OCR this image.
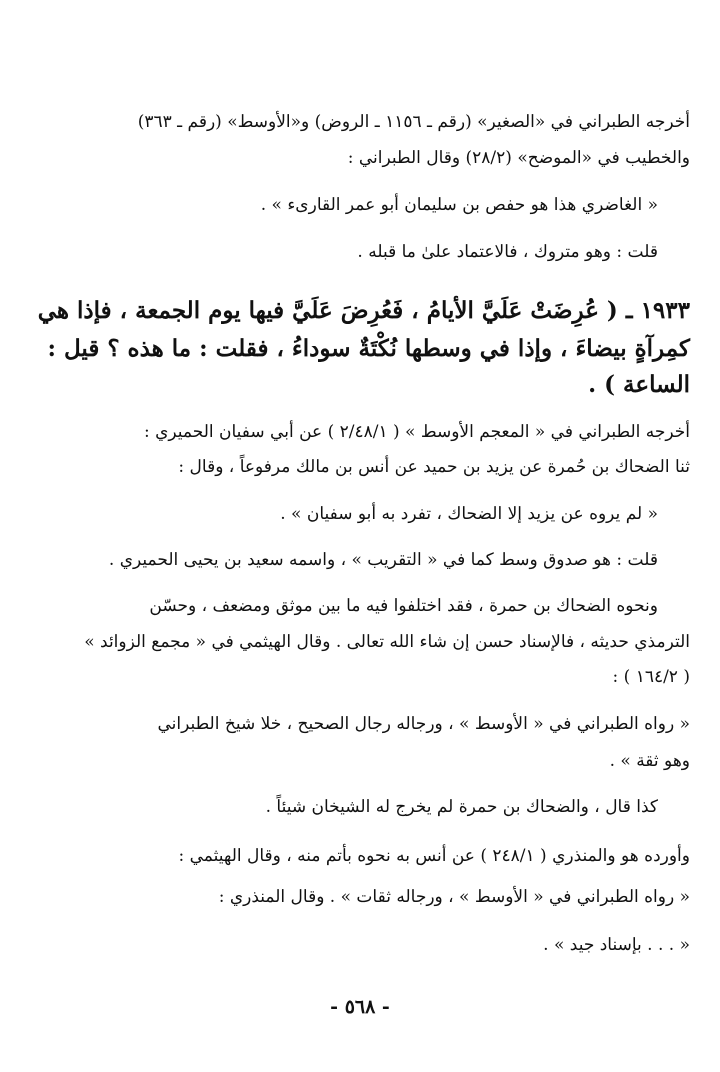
أخرجه الطبراني في «الصغير» (رقم ـ ١١٥٦ ـ الروض) و«الأوسط» (رقم ـ ٣٦٣)
والخطيب في «الموضح» (٢٨/٢) وقال الطبراني :
« الغاضري هذا هو حفص بن سليمان أبو عمر القارىء » .
قلت : وهو متروك ، فالاعتماد علىٰ ما قبله .
١٩٣٣ ـ ( عُرِضَتْ عَلَيَّ الأيامُ ، فَعُرِضَ عَلَيَّ فيها يوم الجمعة ، فإذا هي
كمِرآةٍ بيضاءَ ، وإذا في وسطها نُكْتَةٌ سوداءُ ، فقلت : ما هذه ؟ قيل :
الساعة ) .
أخرجه الطبراني في « المعجم الأوسط » ( ٢/٤٨/١ ) عن أبي سفيان الحميري :
ثنا الضحاك بن حُمرة عن يزيد بن حميد عن أنس بن مالك مرفوعاً ، وقال :
« لم يروه عن يزيد إلا الضحاك ، تفرد به أبو سفيان » .
قلت : هو صدوق وسط كما في « التقريب » ، واسمه سعيد بن يحيى الحميري .
ونحوه الضحاك بن حمرة ، فقد اختلفوا فيه ما بين موثق ومضعف ، وحسّن
الترمذي حديثه ، فالإسناد حسن إن شاء الله تعالى . وقال الهيثمي في « مجمع الزوائد »
( ١٦٤/٢ ) :
« رواه الطبراني في « الأوسط » ، ورجاله رجال الصحيح ، خلا شيخ الطبراني
وهو ثقة » .
كذا قال ، والضحاك بن حمرة لم يخرج له الشيخان شيئاً .
وأورده هو والمنذري ( ٢٤٨/١ ) عن أنس به نحوه بأتم منه ، وقال الهيثمي :
« رواه الطبراني في « الأوسط » ، ورجاله ثقات » . وقال المنذري :
« . . . بإسناد جيد » .
- ٥٦٨ -
